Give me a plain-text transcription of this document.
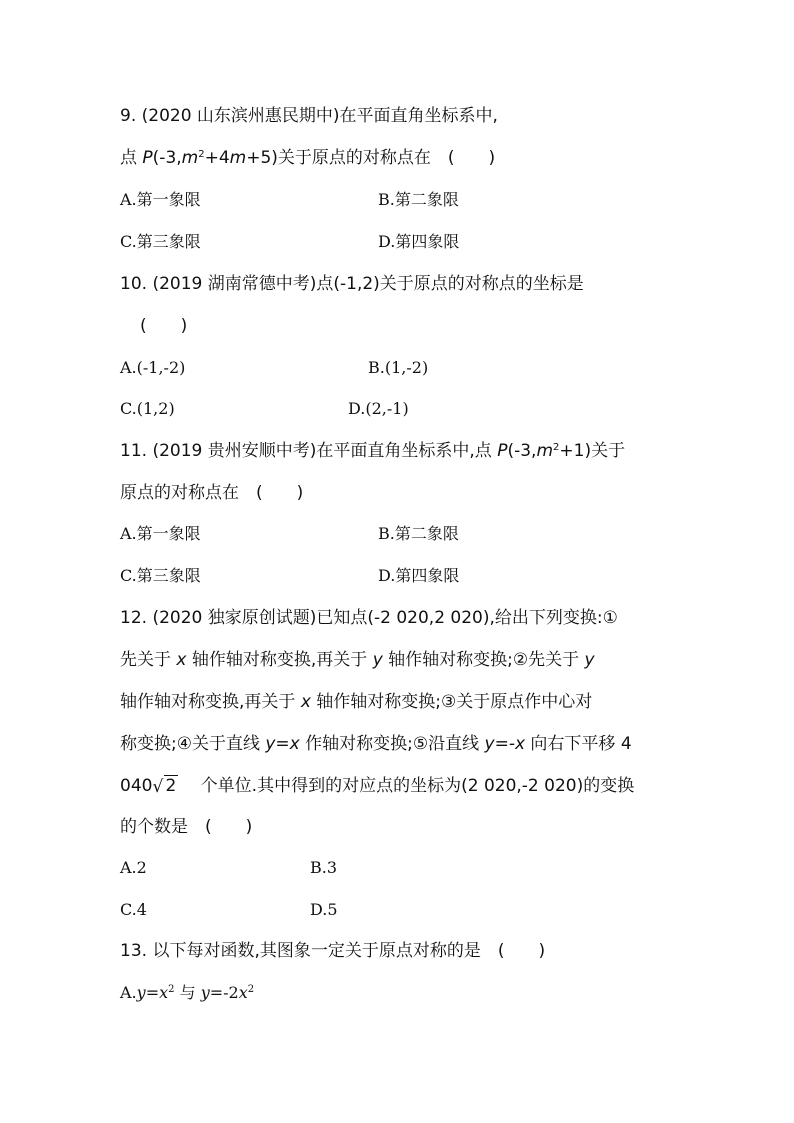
9. (2020 山东滨州惠民期中)在平面直角坐标系中,
点 $P(-3,m^2+4m+5)$关于原点的对称点在　(　　)
A.第一象限	B.第二象限
C.第三象限	D.第四象限
10. (2019 湖南常德中考)点(-1,2)关于原点的对称点的坐标是
(　　)
A.(-1,-2)	B.(1,-2)
C.(1,2)	D.(2,-1)
11. (2019 贵州安顺中考)在平面直角坐标系中,点 $P(-3,m^2+1)$关于
原点的对称点在　(　　)
A.第一象限	B.第二象限
C.第三象限	D.第四象限
12. (2020 独家原创试题)已知点(-2 020,2 020),给出下列变换:①
先关于 x 轴作轴对称变换,再关于 y 轴作轴对称变换;②先关于 y
轴作轴对称变换,再关于 x 轴作轴对称变换;③关于原点作中心对
称变换;④关于直线 y=x 作轴对称变换;⑤沿直线 y=-x 向右下平移 4
040 √ 2　 个单位.其中得到的对应点的坐标为(2 020,-2 020)的变换
的个数是　(　　)
A.2	B.3
C.4	D.5
13. 以下每对函数,其图象一定关于原点对称的是　(　　)
$A.y=x^2$ 与 $y=-2x^2$
